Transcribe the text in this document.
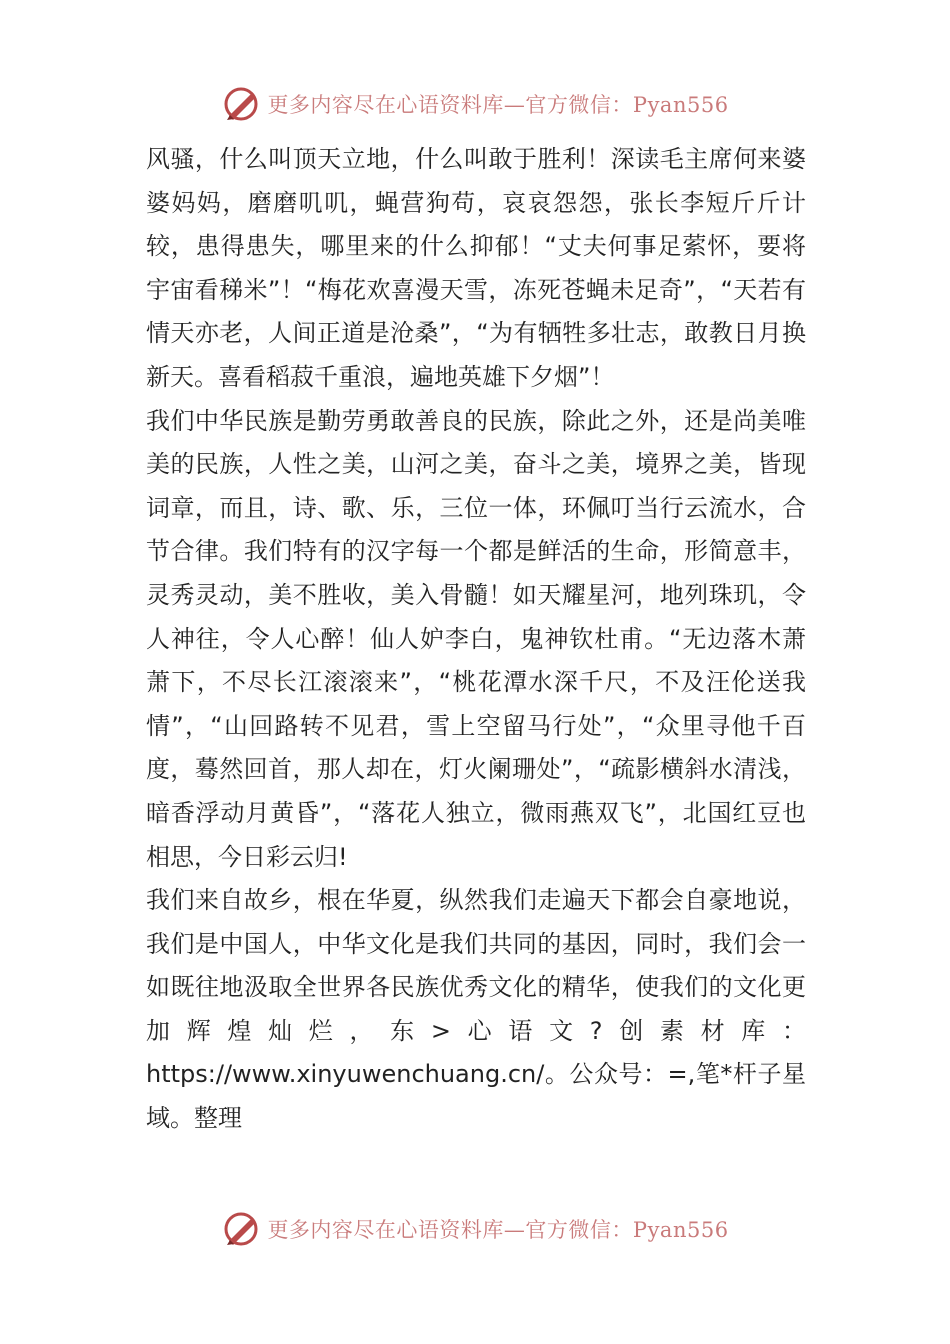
更多内容尽在心语资料库—官方微信：Pyan556

风骚，什么叫顶天立地，什么叫敢于胜利！深读毛主席何来婆婆妈妈，磨磨叽叽，蝇营狗苟，哀哀怨怨，张长李短斤斤计较，患得患失，哪里来的什么抑郁！“丈夫何事足萦怀，要将宇宙看稊米”！“梅花欢喜漫天雪，冻死苍蝇未足奇”，“天若有情天亦老，人间正道是沧桑”，“为有牺牲多壮志，敢教日月换新天。喜看稻菽千重浪，遍地英雄下夕烟”！

我们中华民族是勤劳勇敢善良的民族，除此之外，还是尚美唯美的民族，人性之美，山河之美，奋斗之美，境界之美，皆现词章，而且，诗、歌、乐，三位一体，环佩叮当行云流水，合节合律。我们特有的汉字每一个都是鲜活的生命，形简意丰，灵秀灵动，美不胜收，美入骨髓！如天耀星河，地列珠玑，令人神往，令人心醉！仙人妒李白，鬼神钦杜甫。“无边落木萧萧下，不尽长江滚滚来”，“桃花潭水深千尺，不及汪伦送我情”，“山回路转不见君，雪上空留马行处”，“众里寻他千百度，蓦然回首，那人却在，灯火阑珊处”，“疏影横斜水清浅，暗香浮动月黄昏”，“落花人独立，微雨燕双飞”，北国红豆也相思，今日彩云归!

我们来自故乡，根在华夏，纵然我们走遍天下都会自豪地说，我们是中国人，中华文化是我们共同的基因，同时，我们会一如既往地汲取全世界各民族优秀文化的精华，使我们的文化更加辉煌灿烂，东>心语文?创素材库：https://www.xinyuwenchuang.cn/。公众号：=,笔*杆子星域。整理

更多内容尽在心语资料库—官方微信：Pyan556
